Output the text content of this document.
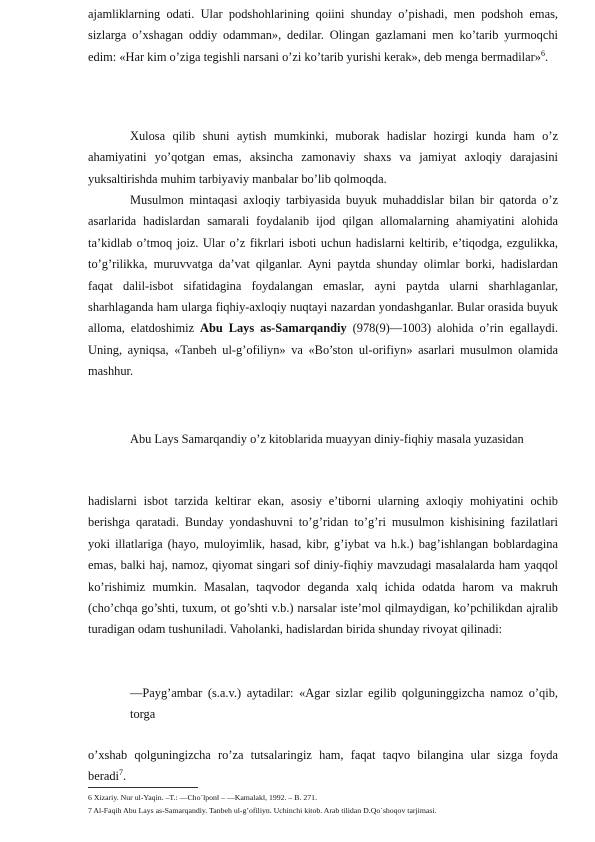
ajamliklarning odati. Ular podshohlarining qoiini shunday o’pishadi, men podshoh emas, sizlarga o’xshagan oddiy odamman», dedilar. Olingan gazlamani men ko’tarib yurmoqchi edim: «Har kim o’ziga tegishli narsani o’zi ko’tarib yurishi kerak», deb menga bermadilar»$^6$.
Xulosa qilib shuni aytish mumkinki, muborak hadislar hozirgi kunda ham o’z ahamiyatini yo’qotgan emas, aksincha zamonaviy shaxs va jamiyat axloqiy darajasini yuksaltirishda muhim tarbiyaviy manbalar bo’lib qolmoqda.
Musulmon mintaqasi axloqiy tarbiyasida buyuk muhaddislar bilan bir qatorda o’z asarlarida hadislardan samarali foydalanib ijod qilgan allomalarning ahamiyatini alohida ta’kidlab o’tmoq joiz. Ular o’z fikrlari isboti uchun hadislarni keltirib, e’tiqodga, ezgulikka, to’g’rilikka, muruvvatga da’vat qilganlar. Ayni paytda shunday olimlar borki, hadislardan faqat dalil-isbot sifatidagina foydalangan emaslar, ayni paytda ularni sharhlaganlar, sharhlaganda ham ularga fiqhiy-axloqiy nuqtayi nazardan yondashganlar. Bular orasida buyuk alloma, elatdoshimiz Abu Lays as-Samarqandiy (978(9)—1003) alohida o’rin egallaydi. Uning, ayniqsa, «Tanbeh ul-g’ofiliyn» va «Bo’ston ul-orifiyn» asarlari musulmon olamida mashhur.
Abu Lays Samarqandiy o’z kitoblarida muayyan diniy-fiqhiy masala yuzasidan
hadislarni isbot tarzida keltirar ekan, asosiy e’tiborni ularning axloqiy mohiyatini ochib berishga qaratadi. Bunday yondashuvni to’g’ridan to’g’ri musulmon kishisining fazilatlari yoki illatlariga (hayo, muloyimlik, hasad, kibr, g’iybat va h.k.) bag’ishlangan boblardagina emas, balki haj, namoz, qiyomat singari sof diniy-fiqhiy mavzudagi masalalarda ham yaqqol ko’rishimiz mumkin. Masalan, taqvodor deganda xalq ichida odatda harom va makruh (cho’chqa go’shti, tuxum, ot go’shti v.b.) narsalar iste’mol qilmaydigan, ko’pchilikdan ajralib turadigan odam tushuniladi. Vaholanki, hadislardan birida shunday rivoyat qilinadi:
―Payg’ambar (s.a.v.) aytadilar: «Agar sizlar egilib qolguninggizcha namoz o’qib, torga
o’xshab qolguningizcha ro’za tutsalaringiz ham, faqat taqvo bilangina ular sizga foyda beradi$^7$.
6 Xizariy. Nur ul-Yaqin. –T.: ―Cho`lpon‖ – ―Kamalak‖, 1992. – B. 271.
7 Al-Faqih Abu Lays as-Samarqandiy. Tanbeh ul-g’ofiliyn. Uchinchi kitob. Arab tilidan D.Qo`shoqov tarjimasi.
